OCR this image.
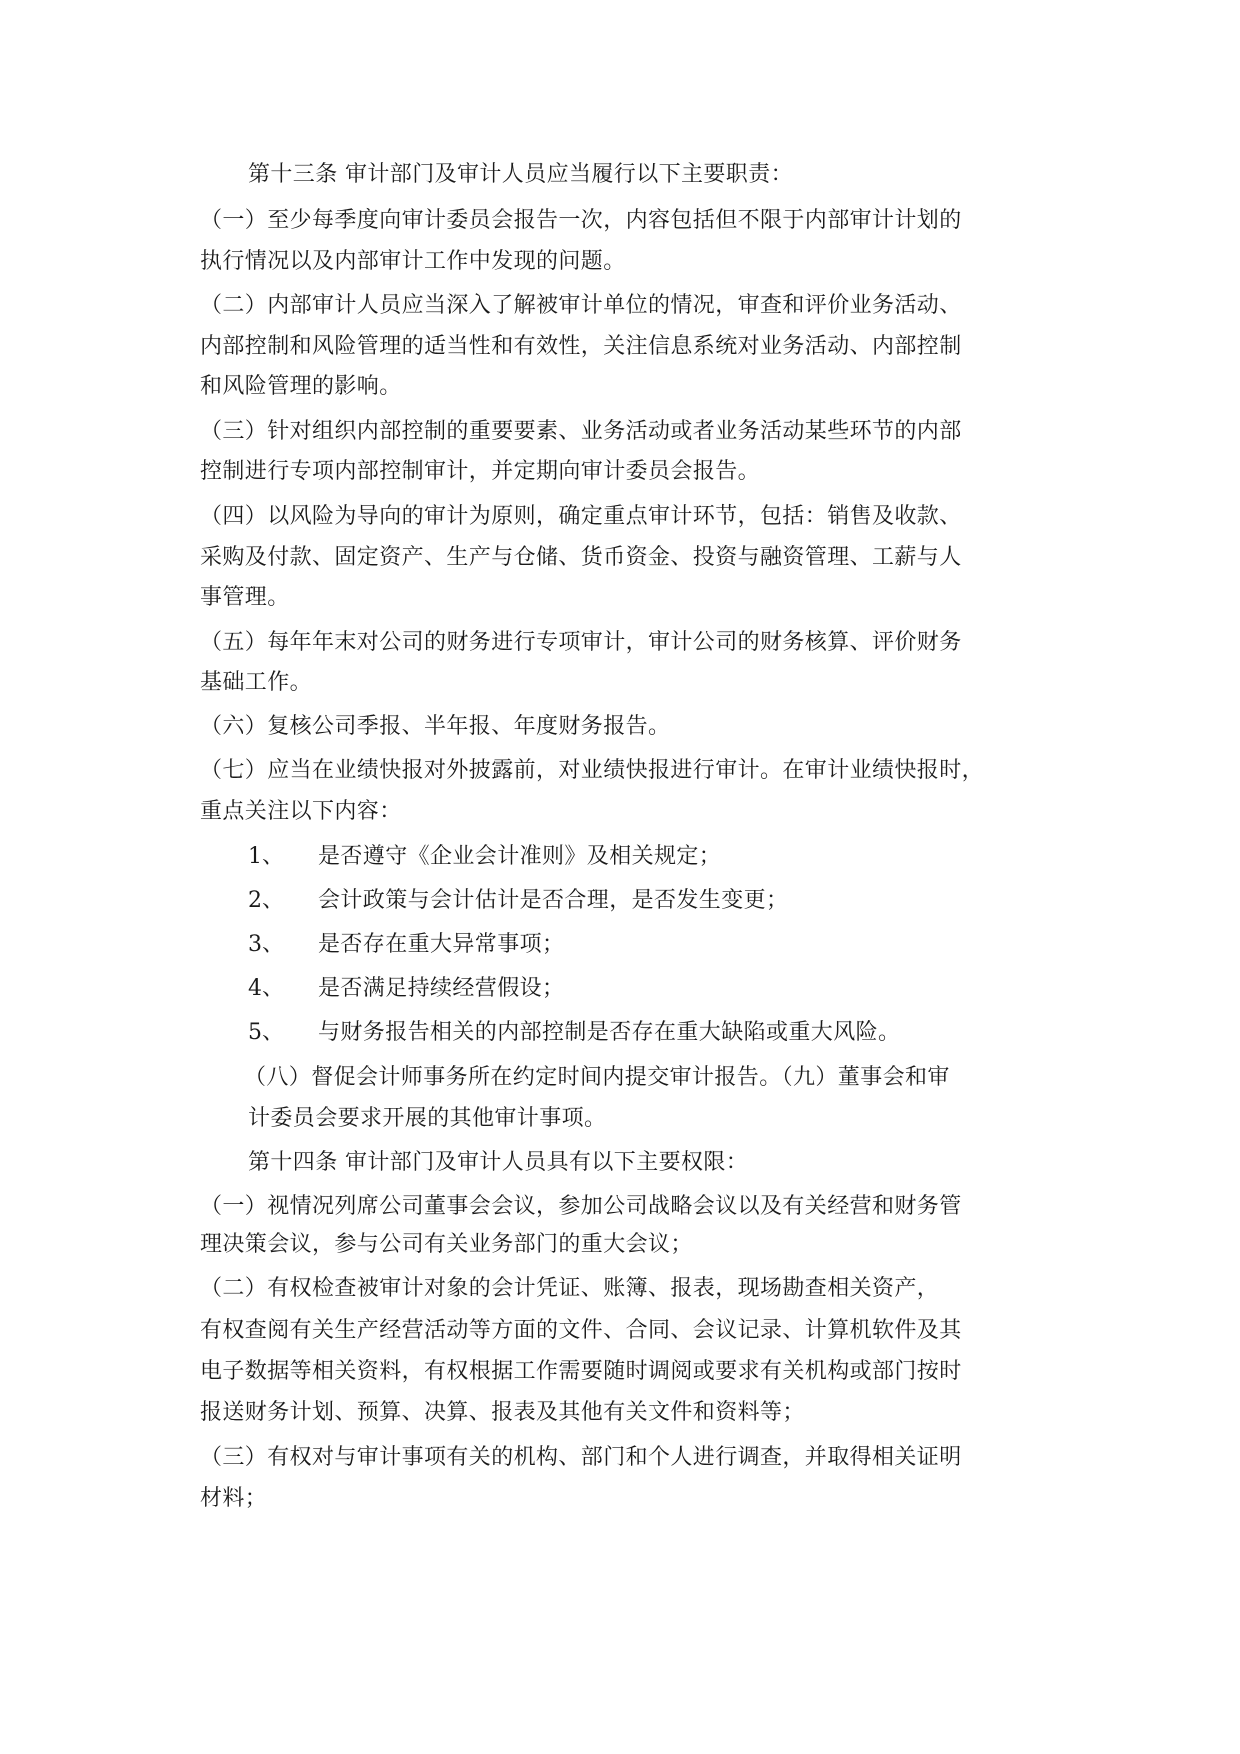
第十三条 审计部门及审计人员应当履行以下主要职责：
（一）至少每季度向审计委员会报告一次，内容包括但不限于内部审计计划的
执行情况以及内部审计工作中发现的问题。
（二）内部审计人员应当深入了解被审计单位的情况，审查和评价业务活动、
内部控制和风险管理的适当性和有效性，关注信息系统对业务活动、内部控制
和风险管理的影响。
（三）针对组织内部控制的重要要素、业务活动或者业务活动某些环节的内部
控制进行专项内部控制审计，并定期向审计委员会报告。
（四）以风险为导向的审计为原则，确定重点审计环节，包括：销售及收款、
采购及付款、固定资产、生产与仓储、货币资金、投资与融资管理、工薪与人
事管理。
（五）每年年末对公司的财务进行专项审计，审计公司的财务核算、评价财务
基础工作。
（六）复核公司季报、半年报、年度财务报告。
（七）应当在业绩快报对外披露前，对业绩快报进行审计。在审计业绩快报时，
重点关注以下内容：
1、 是否遵守《企业会计准则》及相关规定；
2、 会计政策与会计估计是否合理，是否发生变更；
3、 是否存在重大异常事项；
4、 是否满足持续经营假设；
5、 与财务报告相关的内部控制是否存在重大缺陷或重大风险。
（八）督促会计师事务所在约定时间内提交审计报告。（九）董事会和审
计委员会要求开展的其他审计事项。
第十四条 审计部门及审计人员具有以下主要权限：
（一）视情况列席公司董事会会议，参加公司战略会议以及有关经营和财务管
理决策会议，参与公司有关业务部门的重大会议；
（二）有权检查被审计对象的会计凭证、账簿、报表，现场勘查相关资产，
有权查阅有关生产经营活动等方面的文件、合同、会议记录、计算机软件及其
电子数据等相关资料，有权根据工作需要随时调阅或要求有关机构或部门按时
报送财务计划、预算、决算、报表及其他有关文件和资料等；
（三）有权对与审计事项有关的机构、部门和个人进行调查，并取得相关证明
材料；
